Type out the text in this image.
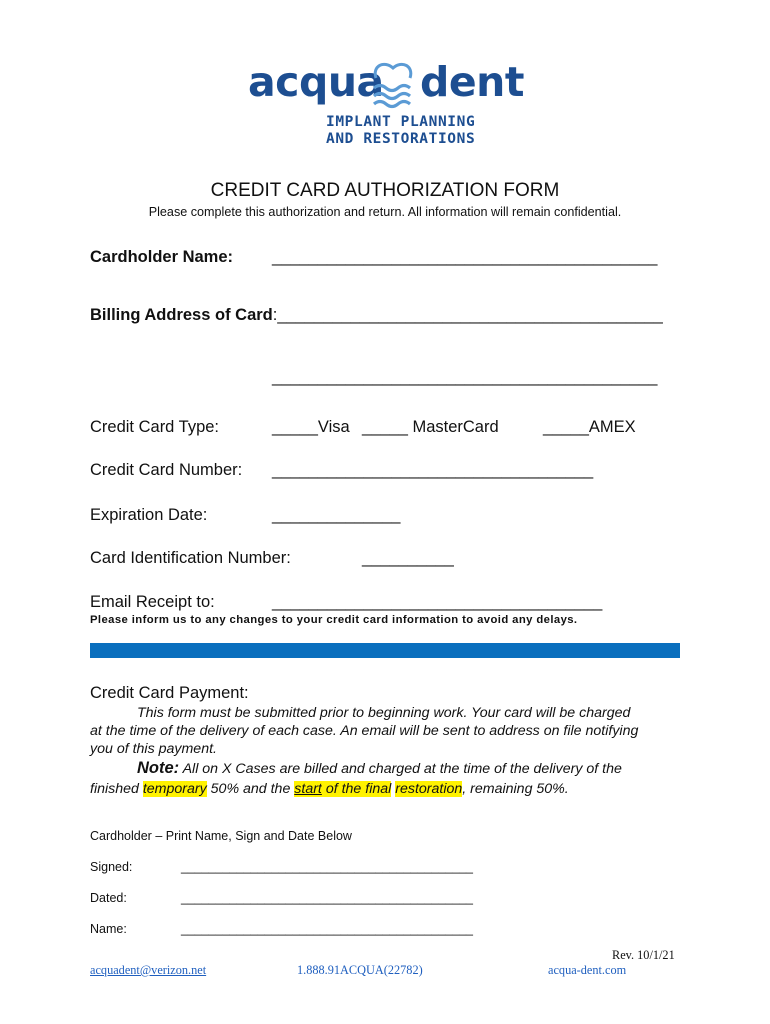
acqua dent
IMPLANT PLANNING
AND RESTORATIONS
CREDIT CARD AUTHORIZATION FORM
Please complete this authorization and return. All information will remain confidential.
Cardholder Name: __________________________________________
Billing Address of Card:__________________________________________
__________________________________________
Credit Card Type:	_____Visa _____ MasterCard	_____AMEX
Credit Card Number: ___________________________________
Expiration Date:	______________
Card Identification Number:	__________
Email Receipt to:	____________________________________
Please inform us to any changes to your credit card information to avoid any delays.
Credit Card Payment:
This form must be submitted prior to beginning work. Your card will be charged
at the time of the delivery of each case. An email will be sent to address on file notifying
you of this payment.
Note: All on X Cases are billed and charged at the time of the delivery of the
finished temporary 50% and the start of the final restoration, remaining 50%.
Cardholder – Print Name, Sign and Date Below
Signed:	__________________________________________
Dated:	__________________________________________
Name:	__________________________________________
Rev. 10/1/21
acquadent@verizon.net	1.888.91ACQUA(22782)	acqua-dent.com
